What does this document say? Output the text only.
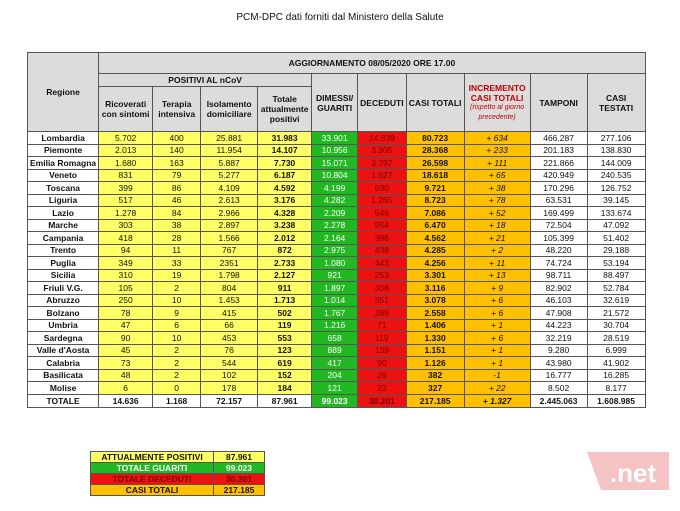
PCM-DPC dati forniti dal Ministero della Salute
Regione	AGGIORNAMENTO 08/05/2020 ORE 17.00									
	POSITIVI AL nCoV				DIMESSI/ GUARITI	DECEDUTI	CASI TOTALI	INCREMENTO CASI TOTALI
(rispetto al giorno precedente)	TAMPONI	CASI TESTATI
	Ricoverati con sintomi	Terapia intensiva	Isolamento domiciliare	Totale attualmente positivi						
Lombardia	5.702	400	25.881	31.983	33.901	14.839	80.723	+ 634	466.287	277.106
Piemonte	2.013	140	11.954	14.107	10.956	3.305	28.368	+ 233	201.183	138.830
Emilia Romagna	1.680	163	5.887	7.730	15.071	3.797	26.598	+ 111	221.866	144.009
Veneto	831	79	5.277	6.187	10.804	1.627	18.618	+ 65	420.949	240.535
Toscana	399	86	4.109	4.592	4.199	930	9.721	+ 38	170.296	126.752
Liguria	517	46	2.613	3.176	4.282	1.265	8.723	+ 78	63.531	39.145
Lazio	1.278	84	2.966	4.328	2.209	549	7.086	+ 52	169.499	133.674
Marche	303	38	2.897	3.238	2.278	954	6.470	+ 18	72.504	47.092
Campania	418	28	1.566	2.012	2.164	386	4.562	+ 21	105.399	51.402
Trento	94	11	767	872	2.975	438	4.285	+ 2	48.220	29.188
Puglia	349	33	2351	2.733	1.080	443	4.256	+ 11	74.724	53.194
Sicilia	310	19	1.798	2.127	921	253	3.301	+ 13	98.711	88.497
Friuli V.G.	105	2	804	911	1.897	308	3.116	+ 9	82.902	52.784
Abruzzo	250	10	1.453	1.713	1.014	351	3.078	+ 6	46.103	32.619
Bolzano	78	9	415	502	1.767	289	2.558	+ 6	47.908	21.572
Umbria	47	6	66	119	1.216	71	1.406	+ 1	44.223	30.704
Sardegna	90	10	453	553	658	119	1.330	+ 6	32.219	28.519
Valle d'Aosta	45	2	76	123	889	139	1.151	+ 1	9.280	6.999
Calabria	73	2	544	619	417	90	1.126	+ 1	43.980	41.902
Basilicata	48	2	102	152	204	26	382	-1	16.777	16.285
Molise	6	0	178	184	121	22	327	+ 22	8.502	8.177
TOTALE	14.636	1.168	72.157	87.961	99.023	30.201	217.185	+ 1.327	2.445.063	1.608.985
ATTUALMENTE POSITIVI	87.961
TOTALE GUARITI	99.023
TOTALE DECEDUTI	30.201
CASI TOTALI	217.185
.net
